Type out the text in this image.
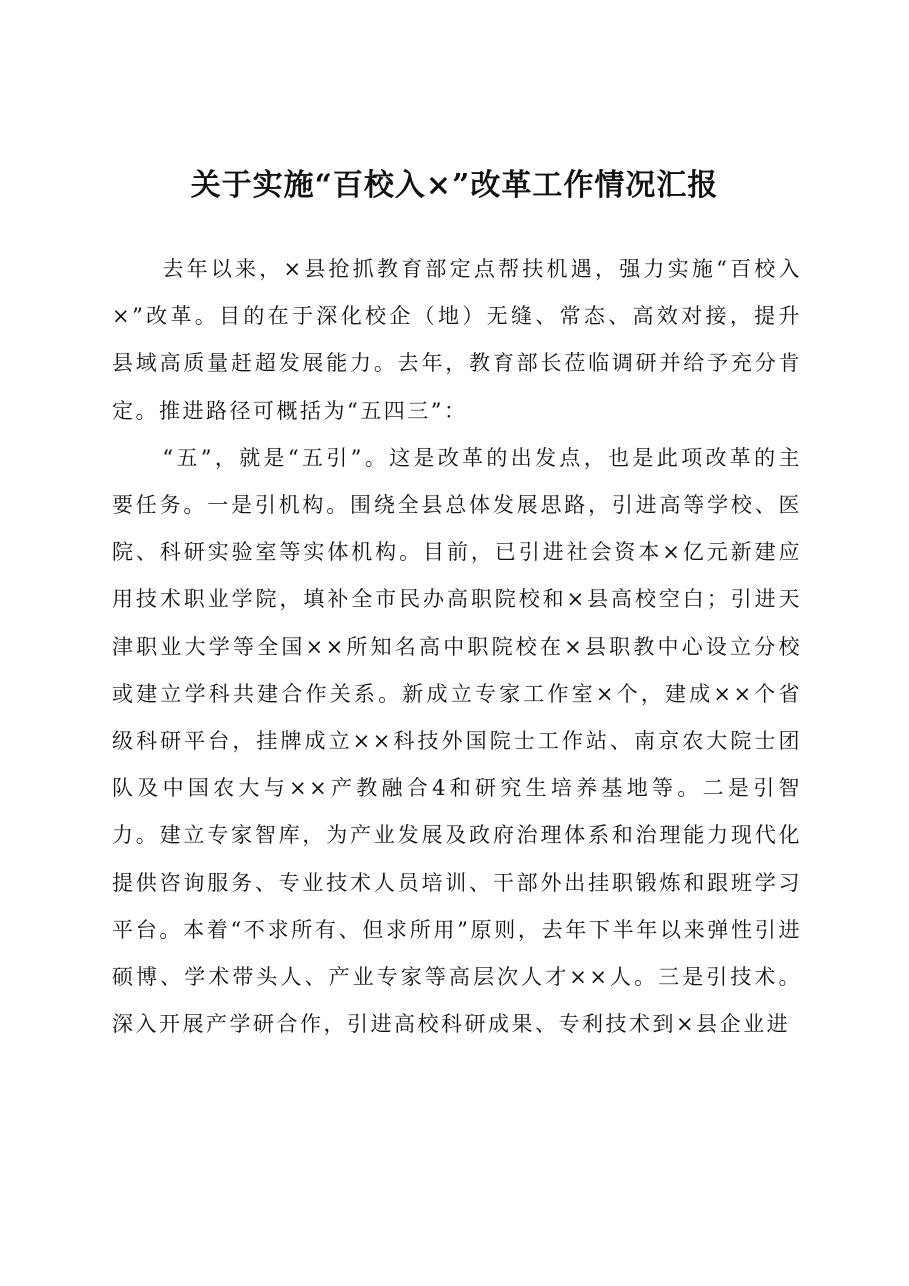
关于实施“百校入×”改革工作情况汇报

去年以来，×县抢抓教育部定点帮扶机遇，强力实施“百校入×”改革。目的在于深化校企（地）无缝、常态、高效对接，提升县域高质量赶超发展能力。去年，教育部长莅临调研并给予充分肯定。推进路径可概括为“五四三”：

“五”，就是“五引”。这是改革的出发点，也是此项改革的主要任务。一是引机构。围绕全县总体发展思路，引进高等学校、医院、科研实验室等实体机构。目前，已引进社会资本×亿元新建应用技术职业学院，填补全市民办高职院校和×县高校空白；引进天津职业大学等全国××所知名高中职院校在×县职教中心设立分校或建立学科共建合作关系。新成立专家工作室×个，建成××个省级科研平台，挂牌成立××科技外国院士工作站、南京农大院士团队及中国农大与××产教融合4和研究生培养基地等。二是引智力。建立专家智库，为产业发展及政府治理体系和治理能力现代化提供咨询服务、专业技术人员培训、干部外出挂职锻炼和跟班学习平台。本着“不求所有、但求所用”原则，去年下半年以来弹性引进硕博、学术带头人、产业专家等高层次人才××人。三是引技术。深入开展产学研合作，引进高校科研成果、专利技术到×县企业进
